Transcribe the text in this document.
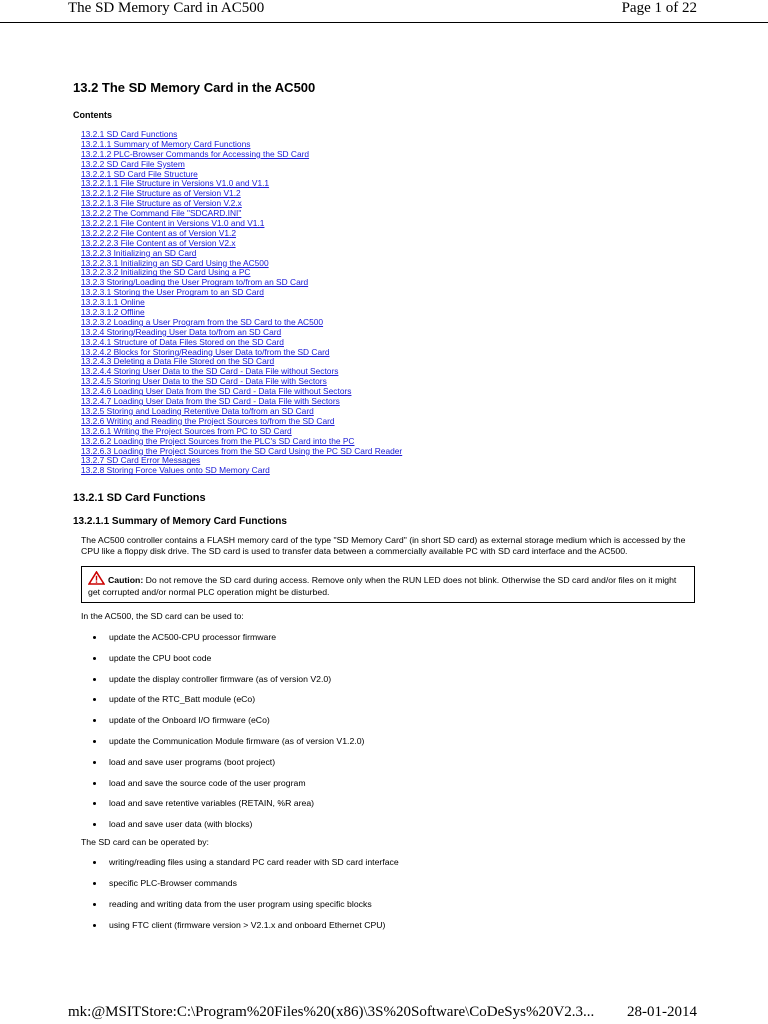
The SD Memory Card in AC500	Page 1 of 22
13.2 The SD Memory Card in the AC500
Contents
13.2.1 SD Card Functions
13.2.1.1 Summary of Memory Card Functions
13.2.1.2 PLC-Browser Commands for Accessing the SD Card
13.2.2 SD Card File System
13.2.2.1 SD Card File Structure
13.2.2.1.1 File Structure in Versions V1.0 and V1.1
13.2.2.1.2 File Structure as of Version V1.2
13.2.2.1.3 File Structure as of Version V.2.x
13.2.2.2 The Command File "SDCARD.INI"
13.2.2.2.1 File Content in Versions V1.0 and V1.1
13.2.2.2.2 File Content as of Version V1.2
13.2.2.2.3 File Content as of Version V2.x
13.2.2.3 Initializing an SD Card
13.2.2.3.1 Initializing an SD Card Using the AC500
13.2.2.3.2 Initializing the SD Card Using a PC
13.2.3 Storing/Loading the User Program to/from an SD Card
13.2.3.1 Storing the User Program to an SD Card
13.2.3.1.1 Online
13.2.3.1.2 Offline
13.2.3.2 Loading a User Program from the SD Card to the AC500
13.2.4 Storing/Reading User Data to/from an SD Card
13.2.4.1 Structure of Data Files Stored on the SD Card
13.2.4.2 Blocks for Storing/Reading User Data to/from the SD Card
13.2.4.3 Deleting a Data File Stored on the SD Card
13.2.4.4 Storing User Data to the SD Card - Data File without Sectors
13.2.4.5 Storing User Data to the SD Card - Data File with Sectors
13.2.4.6 Loading User Data from the SD Card - Data File without Sectors
13.2.4.7 Loading User Data from the SD Card - Data File with Sectors
13.2.5 Storing and Loading Retentive Data to/from an SD Card
13.2.6 Writing and Reading the Project Sources to/from the SD Card
13.2.6.1 Writing the Project Sources from PC to SD Card
13.2.6.2 Loading the Project Sources from the PLC's SD Card into the PC
13.2.6.3 Loading the Project Sources from the SD Card Using the PC SD Card Reader
13.2.7 SD Card Error Messages
13.2.8 Storing Force Values onto SD Memory Card
13.2.1 SD Card Functions
13.2.1.1 Summary of Memory Card Functions
The AC500 controller contains a FLASH memory card of the type "SD Memory Card" (in short SD card) as external storage medium which is accessed by the CPU like a floppy disk drive. The SD card is used to transfer data between a commercially available PC with SD card interface and the AC500.
Caution: Do not remove the SD card during access. Remove only when the RUN LED does not blink. Otherwise the SD card and/or files on it might get corrupted and/or normal PLC operation might be disturbed.
In the AC500, the SD card can be used to:
update the AC500-CPU processor firmware
update the CPU boot code
update the display controller firmware (as of version V2.0)
update of the RTC_Batt module (eCo)
update of the Onboard I/O firmware (eCo)
update the Communication Module firmware (as of version V1.2.0)
load and save user programs (boot project)
load and save the source code of the user program
load and save retentive variables (RETAIN, %R area)
load and save user data (with blocks)
The SD card can be operated by:
writing/reading files using a standard PC card reader with SD card interface
specific PLC-Browser commands
reading and writing data from the user program using specific blocks
using FTC client (firmware version > V2.1.x and onboard Ethernet CPU)
mk:@MSITStore:C:\Program%20Files%20(x86)\3S%20Software\CoDeSys%20V2.3... 28-01-2014
